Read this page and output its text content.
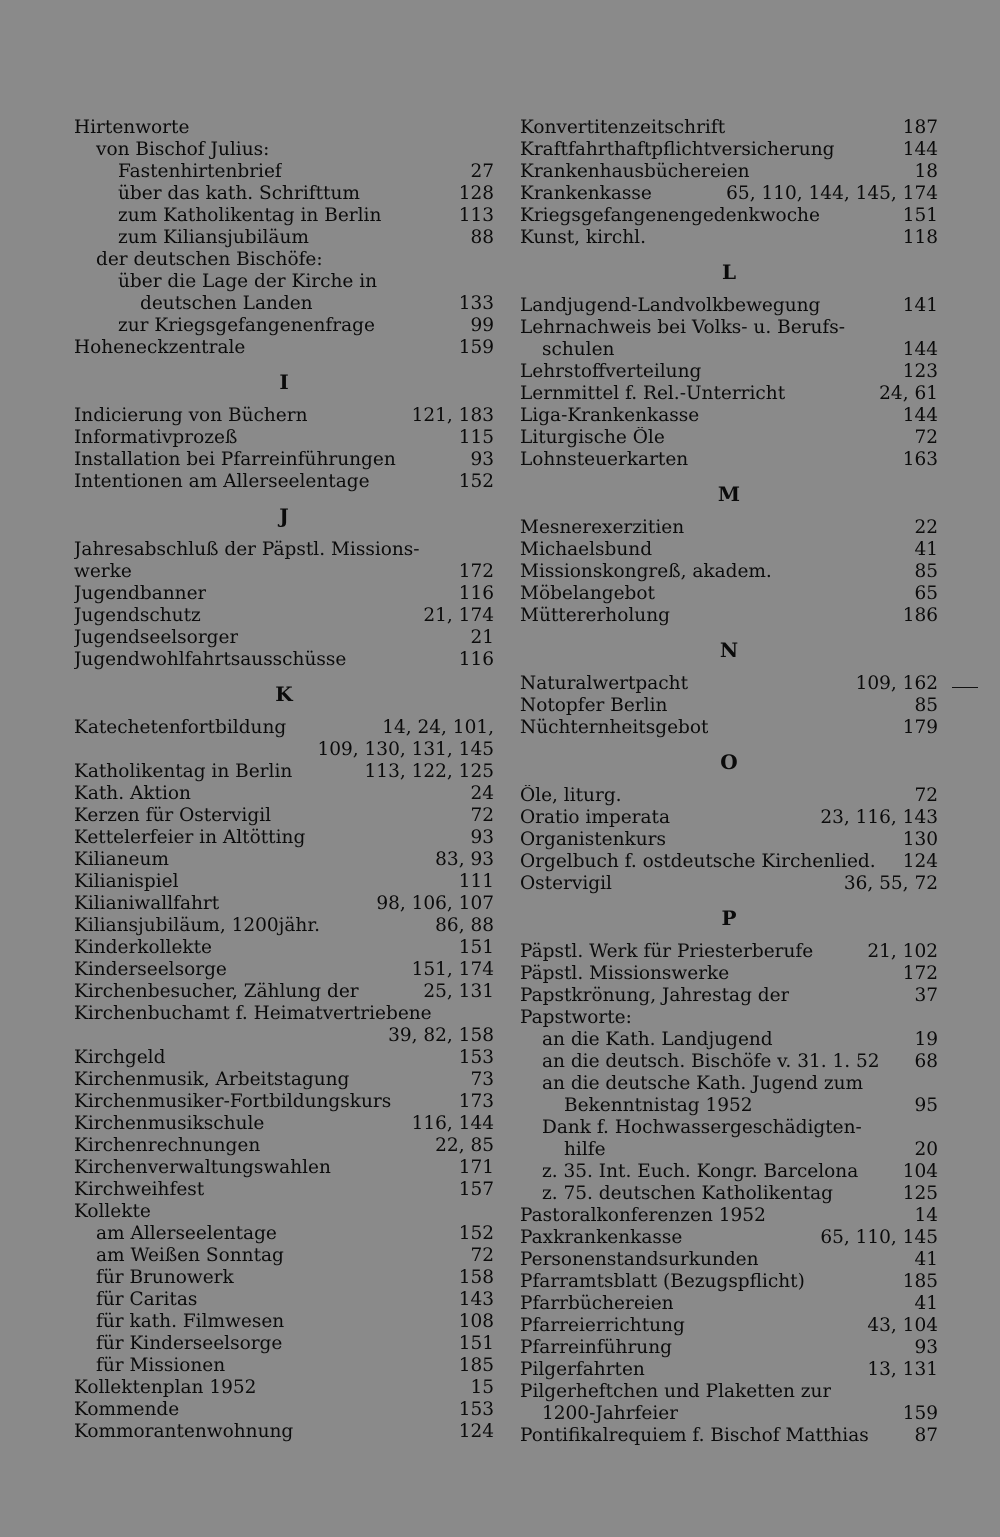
Hirtenworte
von Bischof Julius:
Fastenhirtenbrief	27
über das kath. Schrifttum	128
zum Katholikentag in Berlin	113
zum Kiliansjubiläum	88
der deutschen Bischöfe:
über die Lage der Kirche in
deutschen Landen	133
zur Kriegsgefangenenfrage	99
Hoheneckzentrale	159
I
Indicierung von Büchern	121, 183
Informativprozeß	115
Installation bei Pfarreinführungen	93
Intentionen am Allerseelentage	152
J
Jahresabschluß der Päpstl. Missions-
werke	172
Jugendbanner	116
Jugendschutz	21, 174
Jugendseelsorger	21
Jugendwohlfahrtsausschüsse	116
K
Katechetenfortbildung	14, 24, 101,
109, 130, 131, 145
Katholikentag in Berlin	113, 122, 125
Kath. Aktion	24
Kerzen für Ostervigil	72
Kettelerfeier in Altötting	93
Kilianeum	83, 93
Kilianispiel	111
Kilianiwallfahrt	98, 106, 107
Kiliansjubiläum, 1200jähr.	86, 88
Kinderkollekte	151
Kinderseelsorge	151, 174
Kirchenbesucher, Zählung der	25, 131
Kirchenbuchamt f. Heimatvertriebene
39, 82, 158
Kirchgeld	153
Kirchenmusik, Arbeitstagung	73
Kirchenmusiker-Fortbildungskurs	173
Kirchenmusikschule	116, 144
Kirchenrechnungen	22, 85
Kirchenverwaltungswahlen	171
Kirchweihfest	157
Kollekte
am Allerseelentage	152
am Weißen Sonntag	72
für Brunowerk	158
für Caritas	143
für kath. Filmwesen	108
für Kinderseelsorge	151
für Missionen	185
Kollektenplan 1952	15
Kommende	153
Kommorantenwohnung	124
Konvertitenzeitschrift	187
Kraftfahrthaftpflichtversicherung	144
Krankenhausbüchereien	18
Krankenkasse	65, 110, 144, 145, 174
Kriegsgefangenengedenkwoche	151
Kunst, kirchl.	118
L
Landjugend-Landvolkbewegung	141
Lehrnachweis bei Volks- u. Berufs-
schulen	144
Lehrstoffverteilung	123
Lernmittel f. Rel.-Unterricht	24, 61
Liga-Krankenkasse	144
Liturgische Öle	72
Lohnsteuerkarten	163
M
Mesnerexerzitien	22
Michaelsbund	41
Missionskongreß, akadem.	85
Möbelangebot	65
Müttererholung	186
N
Naturalwertpacht	109, 162
Notopfer Berlin	85
Nüchternheitsgebot	179
O
Öle, liturg.	72
Oratio imperata	23, 116, 143
Organistenkurs	130
Orgelbuch f. ostdeutsche Kirchenlied.	124
Ostervigil	36, 55, 72
P
Päpstl. Werk für Priesterberufe	21, 102
Päpstl. Missionswerke	172
Papstkrönung, Jahrestag der	37
Papstworte:
an die Kath. Landjugend	19
an die deutsch. Bischöfe v. 31. 1. 52	68
an die deutsche Kath. Jugend zum
Bekenntnistag 1952	95
Dank f. Hochwassergeschädigten-
hilfe	20
z. 35. Int. Euch. Kongr. Barcelona	104
z. 75. deutschen Katholikentag	125
Pastoralkonferenzen 1952	14
Paxkrankenkasse	65, 110, 145
Personenstandsurkunden	41
Pfarramtsblatt (Bezugspflicht)	185
Pfarrbüchereien	41
Pfarreierrichtung	43, 104
Pfarreinführung	93
Pilgerfahrten	13, 131
Pilgerheftchen und Plaketten zur
1200-Jahrfeier	159
Pontifikalrequiem f. Bischof Matthias	87
